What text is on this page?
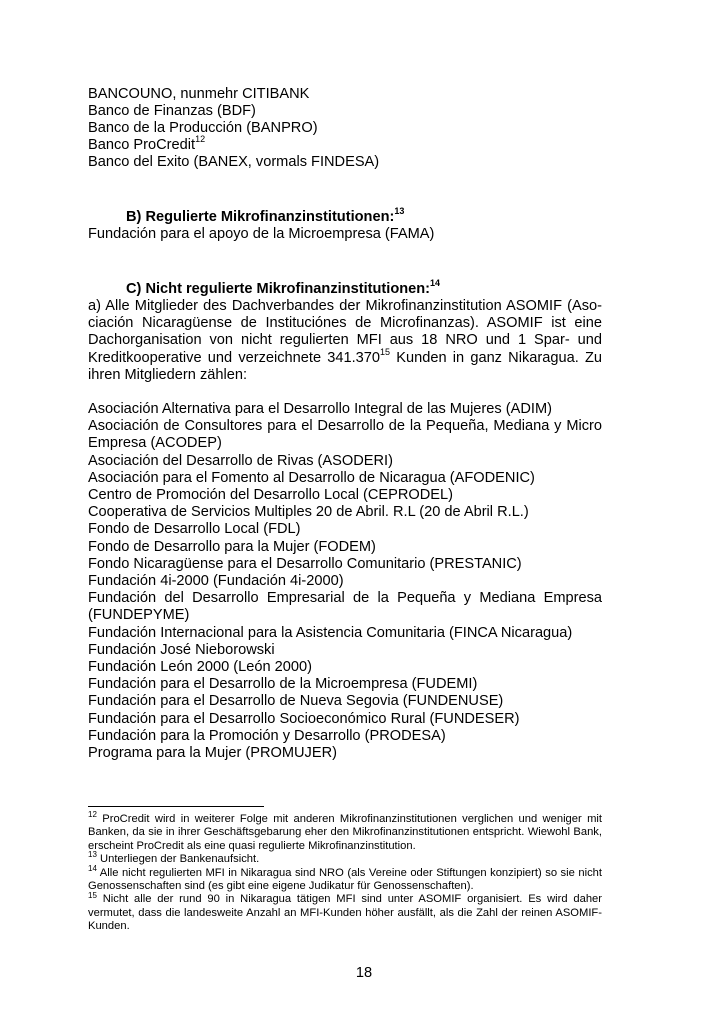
BANCOUNO, nunmehr CITIBANK
Banco de Finanzas (BDF)
Banco de la Producción (BANPRO)
Banco ProCredit$^{12}$
Banco del Exito (BANEX, vormals FINDESA)
B) Regulierte Mikrofinanzinstitutionen:$^{13}$
Fundación para el apoyo de la Microempresa (FAMA)
C) Nicht regulierte Mikrofinanzinstitutionen:$^{14}$
a) Alle Mitglieder des Dachverbandes der Mikrofinanzinstitution ASOMIF (Aso-ciación Nicaragüense de Instituciónes de Microfinanzas). ASOMIF ist eine Dachorganisation von nicht regulierten MFI aus 18 NRO und 1 Spar- und Kreditkooperative und verzeichnete 341.370$^{15}$ Kunden in ganz Nikaragua. Zu ihren Mitgliedern zählen:
Asociación Alternativa para el Desarrollo Integral de las Mujeres (ADIM)
Asociación de Consultores para el Desarrollo de la Pequeña, Mediana y Micro Empresa (ACODEP)
Asociación del Desarrollo de Rivas (ASODERI)
Asociación para el Fomento al Desarrollo de Nicaragua (AFODENIC)
Centro de Promoción del Desarrollo Local (CEPRODEL)
Cooperativa de Servicios Multiples 20 de Abril. R.L (20 de Abril R.L.)
Fondo de Desarrollo Local (FDL)
Fondo de Desarrollo para la Mujer (FODEM)
Fondo Nicaragüense para el Desarrollo Comunitario (PRESTANIC)
Fundación 4i-2000 (Fundación 4i-2000)
Fundación del Desarrollo Empresarial de la Pequeña y Mediana Empresa (FUNDEPYME)
Fundación Internacional para la Asistencia Comunitaria (FINCA Nicaragua)
Fundación José Nieborowski
Fundación León 2000 (León 2000)
Fundación para el Desarrollo de la Microempresa (FUDEMI)
Fundación para el Desarrollo de Nueva Segovia (FUNDENUSE)
Fundación para el Desarrollo Socioeconómico Rural (FUNDESER)
Fundación para la Promoción y Desarrollo (PRODESA)
Programa para la Mujer (PROMUJER)
$^{12}$ ProCredit wird in weiterer Folge mit anderen Mikrofinanzinstitutionen verglichen und weniger mit Banken, da sie in ihrer Geschäftsgebarung eher den Mikrofinanzinstitutionen entspricht. Wiewohl Bank, erscheint ProCredit als eine quasi regulierte Mikrofinanzinstitution.
$^{13}$ Unterliegen der Bankenaufsicht.
$^{14}$ Alle nicht regulierten MFI in Nikaragua sind NRO (als Vereine oder Stiftungen konzipiert) so sie nicht Genossenschaften sind (es gibt eine eigene Judikatur für Genossenschaften).
$^{15}$ Nicht alle der rund 90 in Nikaragua tätigen MFI sind unter ASOMIF organisiert. Es wird daher vermutet, dass die landesweite Anzahl an MFI-Kunden höher ausfällt, als die Zahl der reinen ASOMIF-Kunden.
18
